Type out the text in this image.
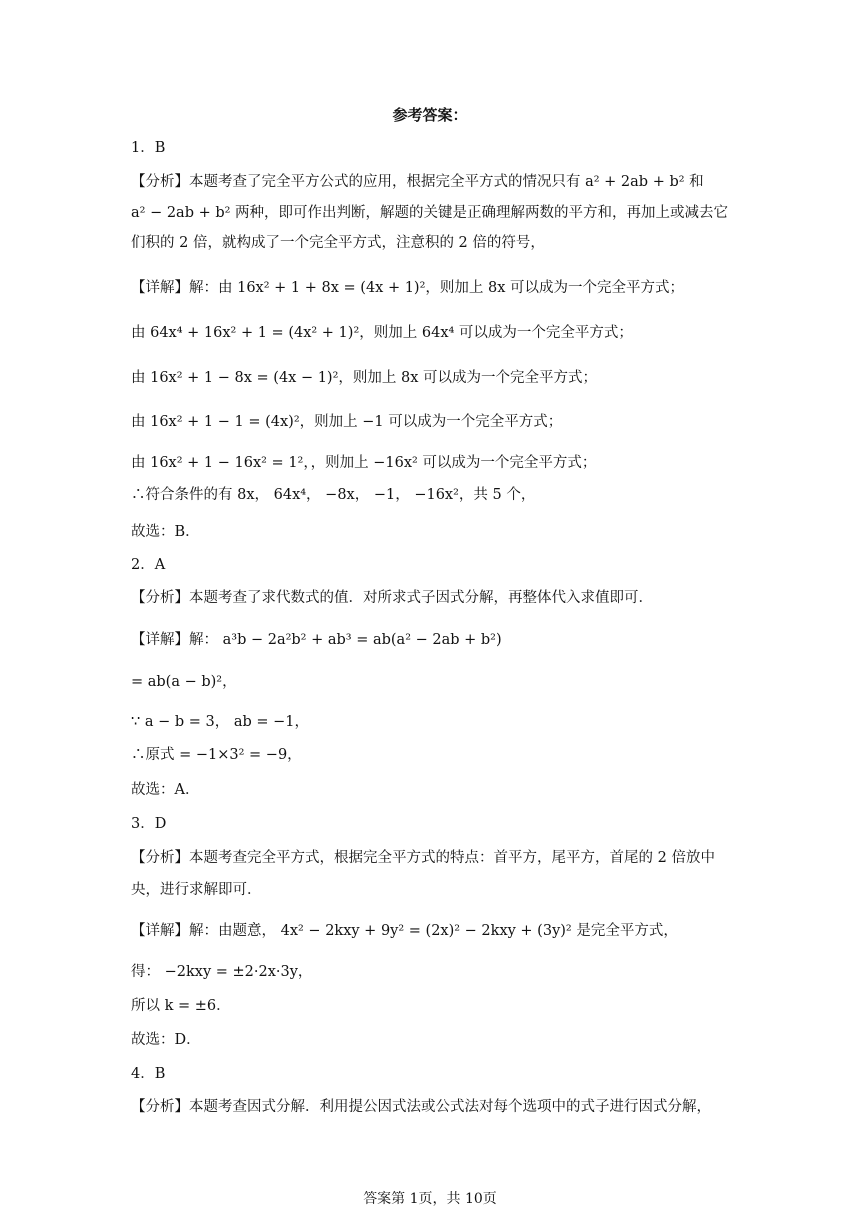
参考答案：
1．B
【分析】本题考查了完全平方公式的应用，根据完全平方式的情况只有 a² + 2ab + b² 和
a² − 2ab + b² 两种，即可作出判断，解题的关键是正确理解两数的平方和，再加上或减去它
们积的 2 倍，就构成了一个完全平方式，注意积的 2 倍的符号，
【详解】解：由 16x² + 1 + 8x = (4x + 1)²，则加上 8x 可以成为一个完全平方式；
由 64x⁴ + 16x² + 1 = (4x² + 1)²，则加上 64x⁴ 可以成为一个完全平方式；
由 16x² + 1 − 8x = (4x − 1)²，则加上 8x 可以成为一个完全平方式；
由 16x² + 1 − 1 = (4x)²，则加上 −1 可以成为一个完全平方式；
由 16x² + 1 − 16x² = 1²，，则加上 −16x² 可以成为一个完全平方式；
∴符合条件的有 8x， 64x⁴， −8x， −1， −16x²，共 5 个，
故选：B．
2．A
【分析】本题考查了求代数式的值．对所求式子因式分解，再整体代入求值即可．
【详解】解： a³b − 2a²b² + ab³ = ab(a² − 2ab + b²)
= ab(a − b)²，
∵ a − b = 3， ab = −1，
∴原式 = −1×3² = −9，
故选：A．
3．D
【分析】本题考查完全平方式，根据完全平方式的特点：首平方，尾平方，首尾的 2 倍放中
央，进行求解即可．
【详解】解：由题意， 4x² − 2kxy + 9y² = (2x)² − 2kxy + (3y)² 是完全平方式，
得： −2kxy = ±2·2x·3y，
所以 k = ±6．
故选：D．
4．B
【分析】本题考查因式分解．利用提公因式法或公式法对每个选项中的式子进行因式分解，
答案第 1页，共 10页
